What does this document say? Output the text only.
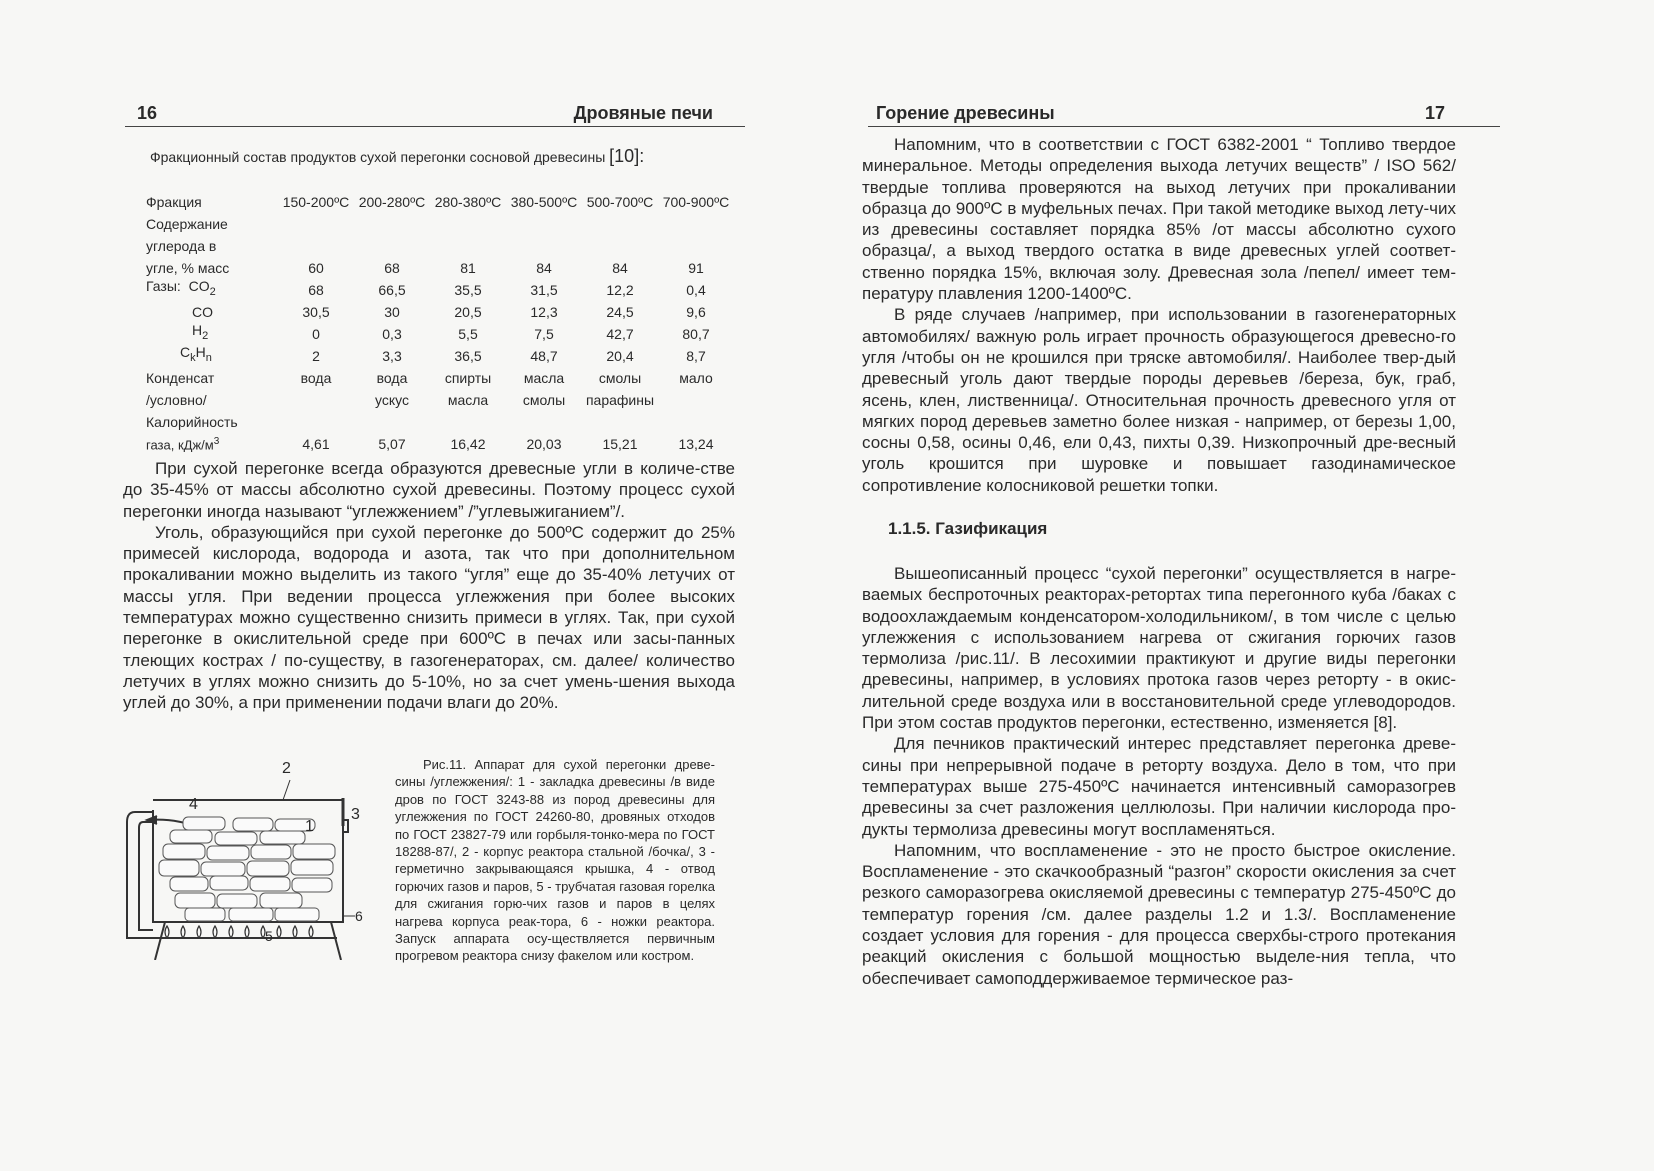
16	Дровяные печи
Фракционный состав продуктов сухой перегонки сосновой древесины [10]:
Фракция	150-200ºС	200-280ºС	280-380ºС	380-500ºС	500-700ºС	700-900ºС
Содержание						
углерода в						
угле, % масс	60	68	81	84	84	91
Газы: $CO_2$	68	66,5	35,5	31,5	12,2	0,4
CO	30,5	30	20,5	12,3	24,5	9,6
$H_2$	0	0,3	5,5	7,5	42,7	80,7
$C_kH_n$	2	3,3	36,5	48,7	20,4	8,7
Конденсат	вода	вода	спирты	масла	смолы	мало
/условно/		ускус	масла	смолы	парафины	
Калорийность						
газа, кДж/$м^3$	4,61	5,07	16,42	20,03	15,21	13,24

При сухой перегонке всегда образуются древесные угли в количе-стве до 35-45% от массы абсолютно сухой древесины. Поэтому процесс сухой перегонки иногда называют “углежжением” /”углевыжиганием”/.

Уголь, образующийся при сухой перегонке до 500ºС содержит до 25% примесей кислорода, водорода и азота, так что при дополнительном прокаливании можно выделить из такого “угля” еще до 35-40% летучих от массы угля. При ведении процесса углежжения при более высоких температурах можно существенно снизить примеси в углях. Так, при сухой перегонке в окислительной среде при 600ºС в печах или засы-панных тлеющих кострах / по-существу, в газогенераторах, см. далее/ количество летучих в углях можно снизить до 5-10%, но за счет умень-шения выхода углей до 30%, а при применении подачи влаги до 20%.

2
4
3
1
6
5

Рис.11. Аппарат для сухой перегонки древе-сины /углежжения/: 1 - закладка древесины /в виде дров по ГОСТ 3243-88 из пород древесины для углежжения по ГОСТ 24260-80, дровяных отходов по ГОСТ 23827-79 или горбыля-тонко-мера по ГОСТ 18288-87/, 2 - корпус реактора стальной /бочка/, 3 - герметично закрывающаяся крышка, 4 - отвод горючих газов и паров, 5 - трубчатая газовая горелка для сжигания горю-чих газов и паров в целях нагрева корпуса реак-тора, 6 - ножки реактора. Запуск аппарата осу-ществляется первичным прогревом реактора снизу факелом или костром.

Горение древесины	17

Напомним, что в соответствии с ГОСТ 6382-2001 “ Топливо твердое минеральное. Методы определения выхода летучих веществ” / ISO 562/ твердые топлива проверяются на выход летучих при прокаливании образца до 900ºС в муфельных печах. При такой методике выход лету-чих из древесины составляет порядка 85% /от массы абсолютно сухого образца/, а выход твердого остатка в виде древесных углей соответ-ственно порядка 15%, включая золу. Древесная зола /пепел/ имеет тем-пературу плавления 1200-1400ºС.

В ряде случаев /например, при использовании в газогенераторных автомобилях/ важную роль играет прочность образующегося древесно-го угля /чтобы он не крошился при тряске автомобиля/. Наиболее твер-дый древесный уголь дают твердые породы деревьев /береза, бук, граб, ясень, клен, лиственница/. Относительная прочность древесного угля от мягких пород деревьев заметно более низкая - например, от березы 1,00, сосны 0,58, осины 0,46, ели 0,43, пихты 0,39. Низкопрочный дре-весный уголь крошится при шуровке и повышает газодинамическое сопротивление колосниковой решетки топки.

1.1.5. Газификация

Вышеописанный процесс “сухой перегонки” осуществляется в нагре-ваемых беспроточных реакторах-ретортах типа перегонного куба /баках с водоохлаждаемым конденсатором-холодильником/, в том числе с целью углежжения с использованием нагрева от сжигания горючих газов термолиза /рис.11/. В лесохимии практикуют и другие виды перегонки древесины, например, в условиях протока газов через реторту - в окис-лительной среде воздуха или в восстановительной среде углеводородов. При этом состав продуктов перегонки, естественно, изменяется [8].

Для печников практический интерес представляет перегонка древе-сины при непрерывной подаче в реторту воздуха. Дело в том, что при температурах выше 275-450ºС начинается интенсивный саморазогрев древесины за счет разложения целлюлозы. При наличии кислорода про-дукты термолиза древесины могут воспламеняться.

Напомним, что воспламенение - это не просто быстрое окисление. Воспламенение - это скачкообразный “разгон” скорости окисления за счет резкого саморазогрева окисляемой древесины с температур 275-450ºС до температур горения /см. далее разделы 1.2 и 1.3/. Воспламенение создает условия для горения - для процесса сверхбы-строго протекания реакций окисления с большой мощностью выделе-ния тепла, что обеспечивает самоподдерживаемое термическое раз-
